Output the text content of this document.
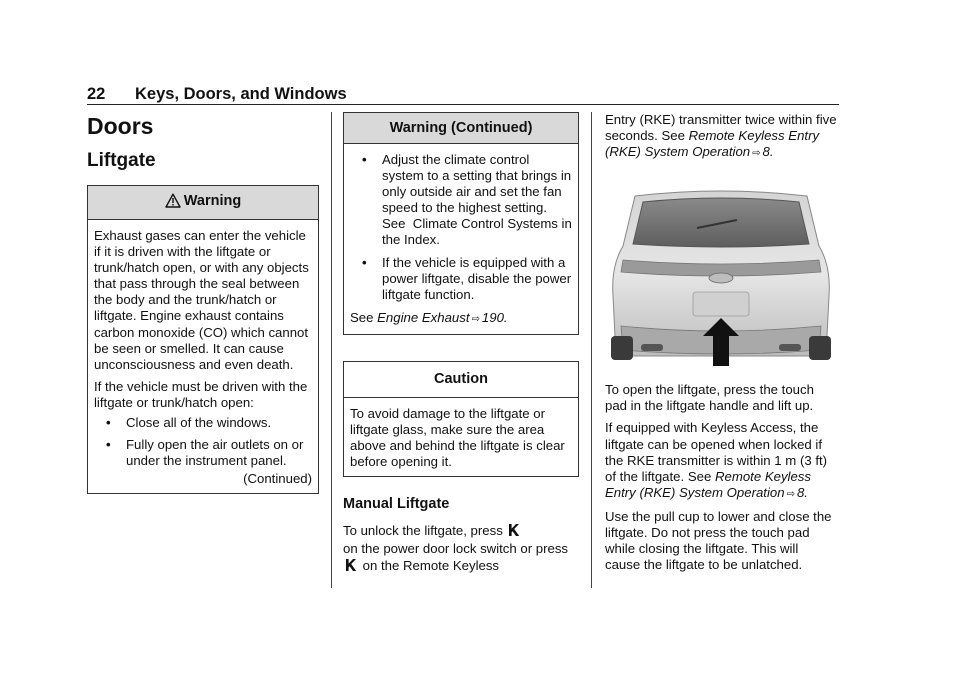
22 Keys, Doors, and Windows
Doors
Liftgate
Warning
Exhaust gases can enter the vehicle if it is driven with the liftgate or trunk/hatch open, or with any objects that pass through the seal between the body and the trunk/hatch or liftgate. Engine exhaust contains carbon monoxide (CO) which cannot be seen or smelled. It can cause unconsciousness and even death.
If the vehicle must be driven with the liftgate or trunk/hatch open:
• Close all of the windows.
• Fully open the air outlets on or under the instrument panel.
(Continued)
Warning (Continued)
• Adjust the climate control system to a setting that brings in only outside air and set the fan speed to the highest setting. See  Climate Control Systems in the Index.
• If the vehicle is equipped with a power liftgate, disable the power liftgate function.
See Engine Exhaust ⇨ 190.
Caution
To avoid damage to the liftgate or liftgate glass, make sure the area above and behind the liftgate is clear before opening it.
Manual Liftgate
To unlock the liftgate, press
on the power door lock switch or press  on the Remote Keyless
Entry (RKE) transmitter twice within five seconds. See Remote Keyless Entry (RKE) System Operation ⇨ 8.
To open the liftgate, press the touch pad in the liftgate handle and lift up.
If equipped with Keyless Access, the liftgate can be opened when locked if the RKE transmitter is within 1 m (3 ft) of the liftgate. See Remote Keyless Entry (RKE) System Operation ⇨ 8.
Use the pull cup to lower and close the liftgate. Do not press the touch pad while closing the liftgate. This will cause the liftgate to be unlatched.
